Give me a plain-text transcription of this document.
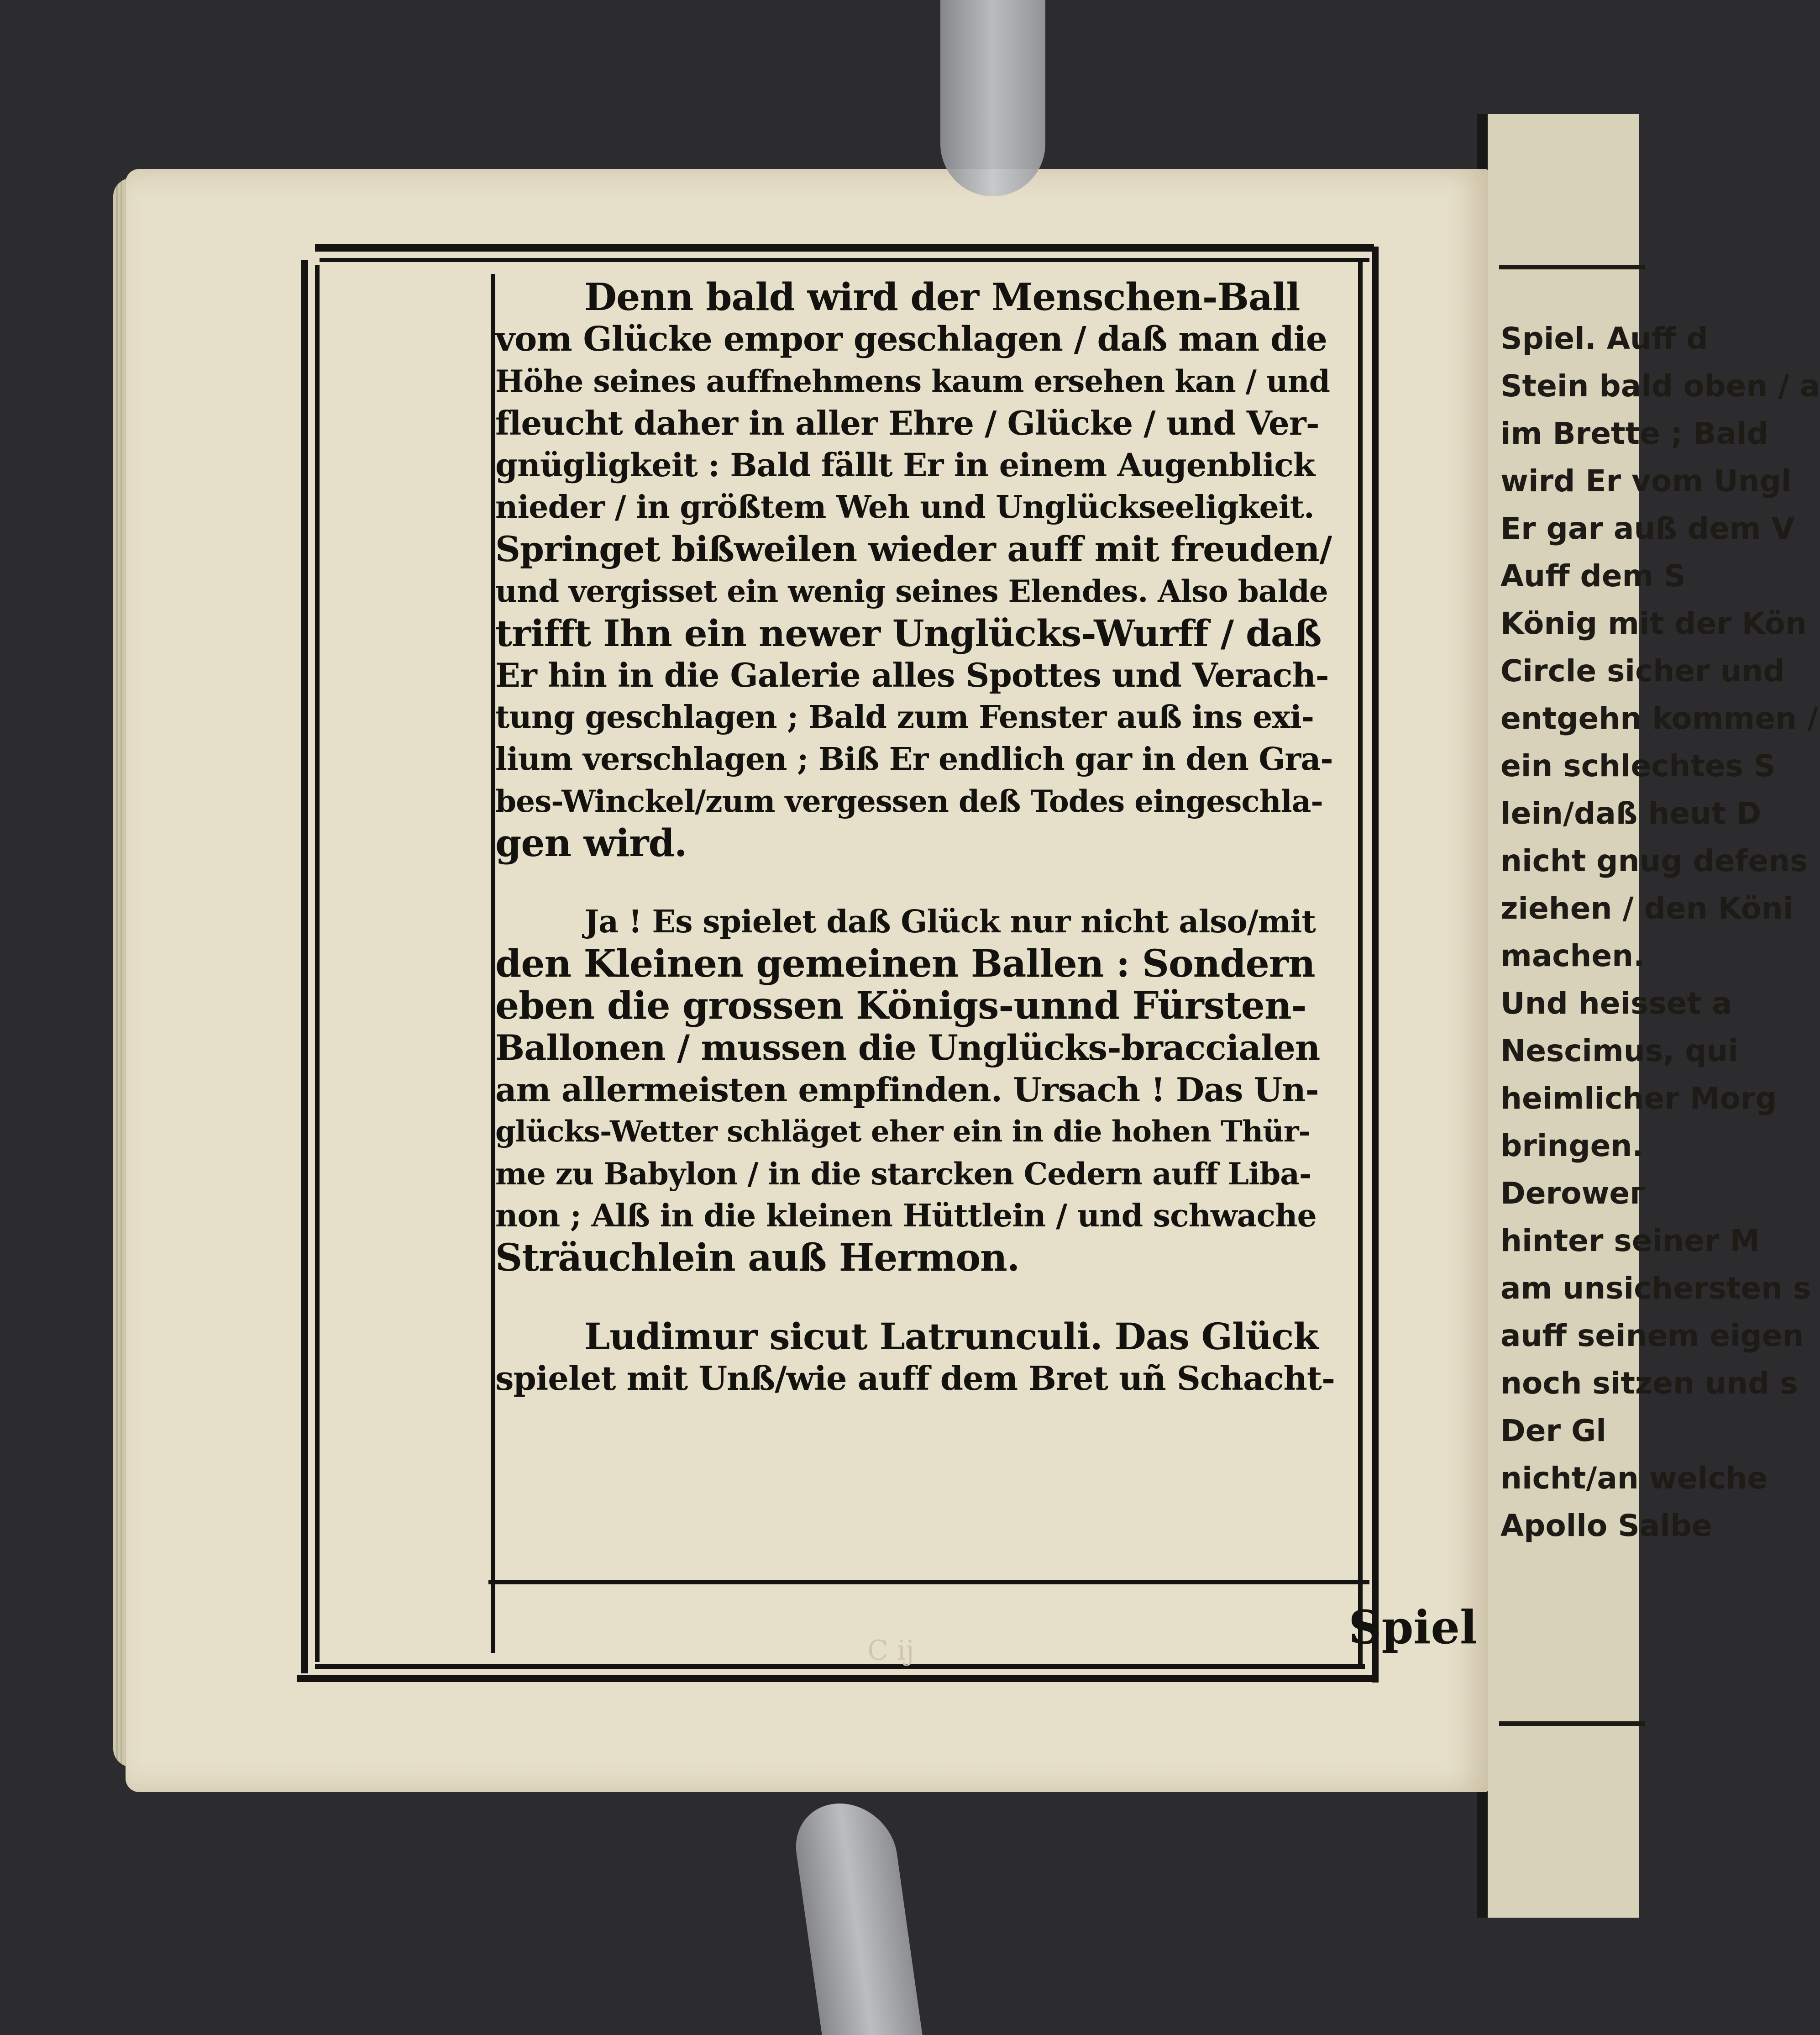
Spiel. Auff d
Stein bald oben / a
im Brette ; Bald
wird Er vom Ungl
Er gar auß dem V
Auff dem S
König mit der Kön
Circle sicher und
entgehn kommen /
ein schlechtes S
lein/daß heut D
nicht gnug defens
ziehen / den Köni
machen.
Und heisset a
Nescimus, qui
heimlicher Morg
bringen.
Derowег
hinter seiner M
am unsichersten s
auff seinem eigen
noch sitzen und s
Der Gl
nicht/an welche
Apollo Salbe
Denn bald wird der Menschen-Ball
vom Glücke empor geschlagen / daß man die
Höhe seines auffnehmens kaum ersehen kan / und
fleucht daher in aller Ehre / Glücke / und Ver-
gnügligkeit : Bald fällt Er in einem Augenblick
nieder / in größtem Weh und Unglückseeligkeit.
Springet bißweilen wieder auff mit freuden/
und vergisset ein wenig seines Elendes. Also balde
trifft Ihn ein newer Unglücks-Wurff / daß
Er hin in die Galerie alles Spottes und Verach-
tung geschlagen ; Bald zum Fenster auß ins exi-
lium verschlagen ; Biß Er endlich gar in den Gra-
bes-Winckel/zum vergessen deß Todes eingeschla-
gen wird.
Ja ! Es spielet daß Glück nur nicht also/mit
den Kleinen gemeinen Ballen : Sondern
eben die grossen Königs-unnd Fürsten-
Ballonen / mussen die Unglücks-braccialen
am allermeisten empfinden. Ursach ! Das Un-
glücks-Wetter schläget eher ein in die hohen Thür-
me zu Babylon / in die starcken Cedern auff Liba-
non ; Alß in die kleinen Hüttlein / und schwache
Sträuchlein auß Hermon.
Ludimur sicut Latrunculi. Das Glück
spielet mit Unß/wie auff dem Bret uñ Schacht-
Spiel
C ij
